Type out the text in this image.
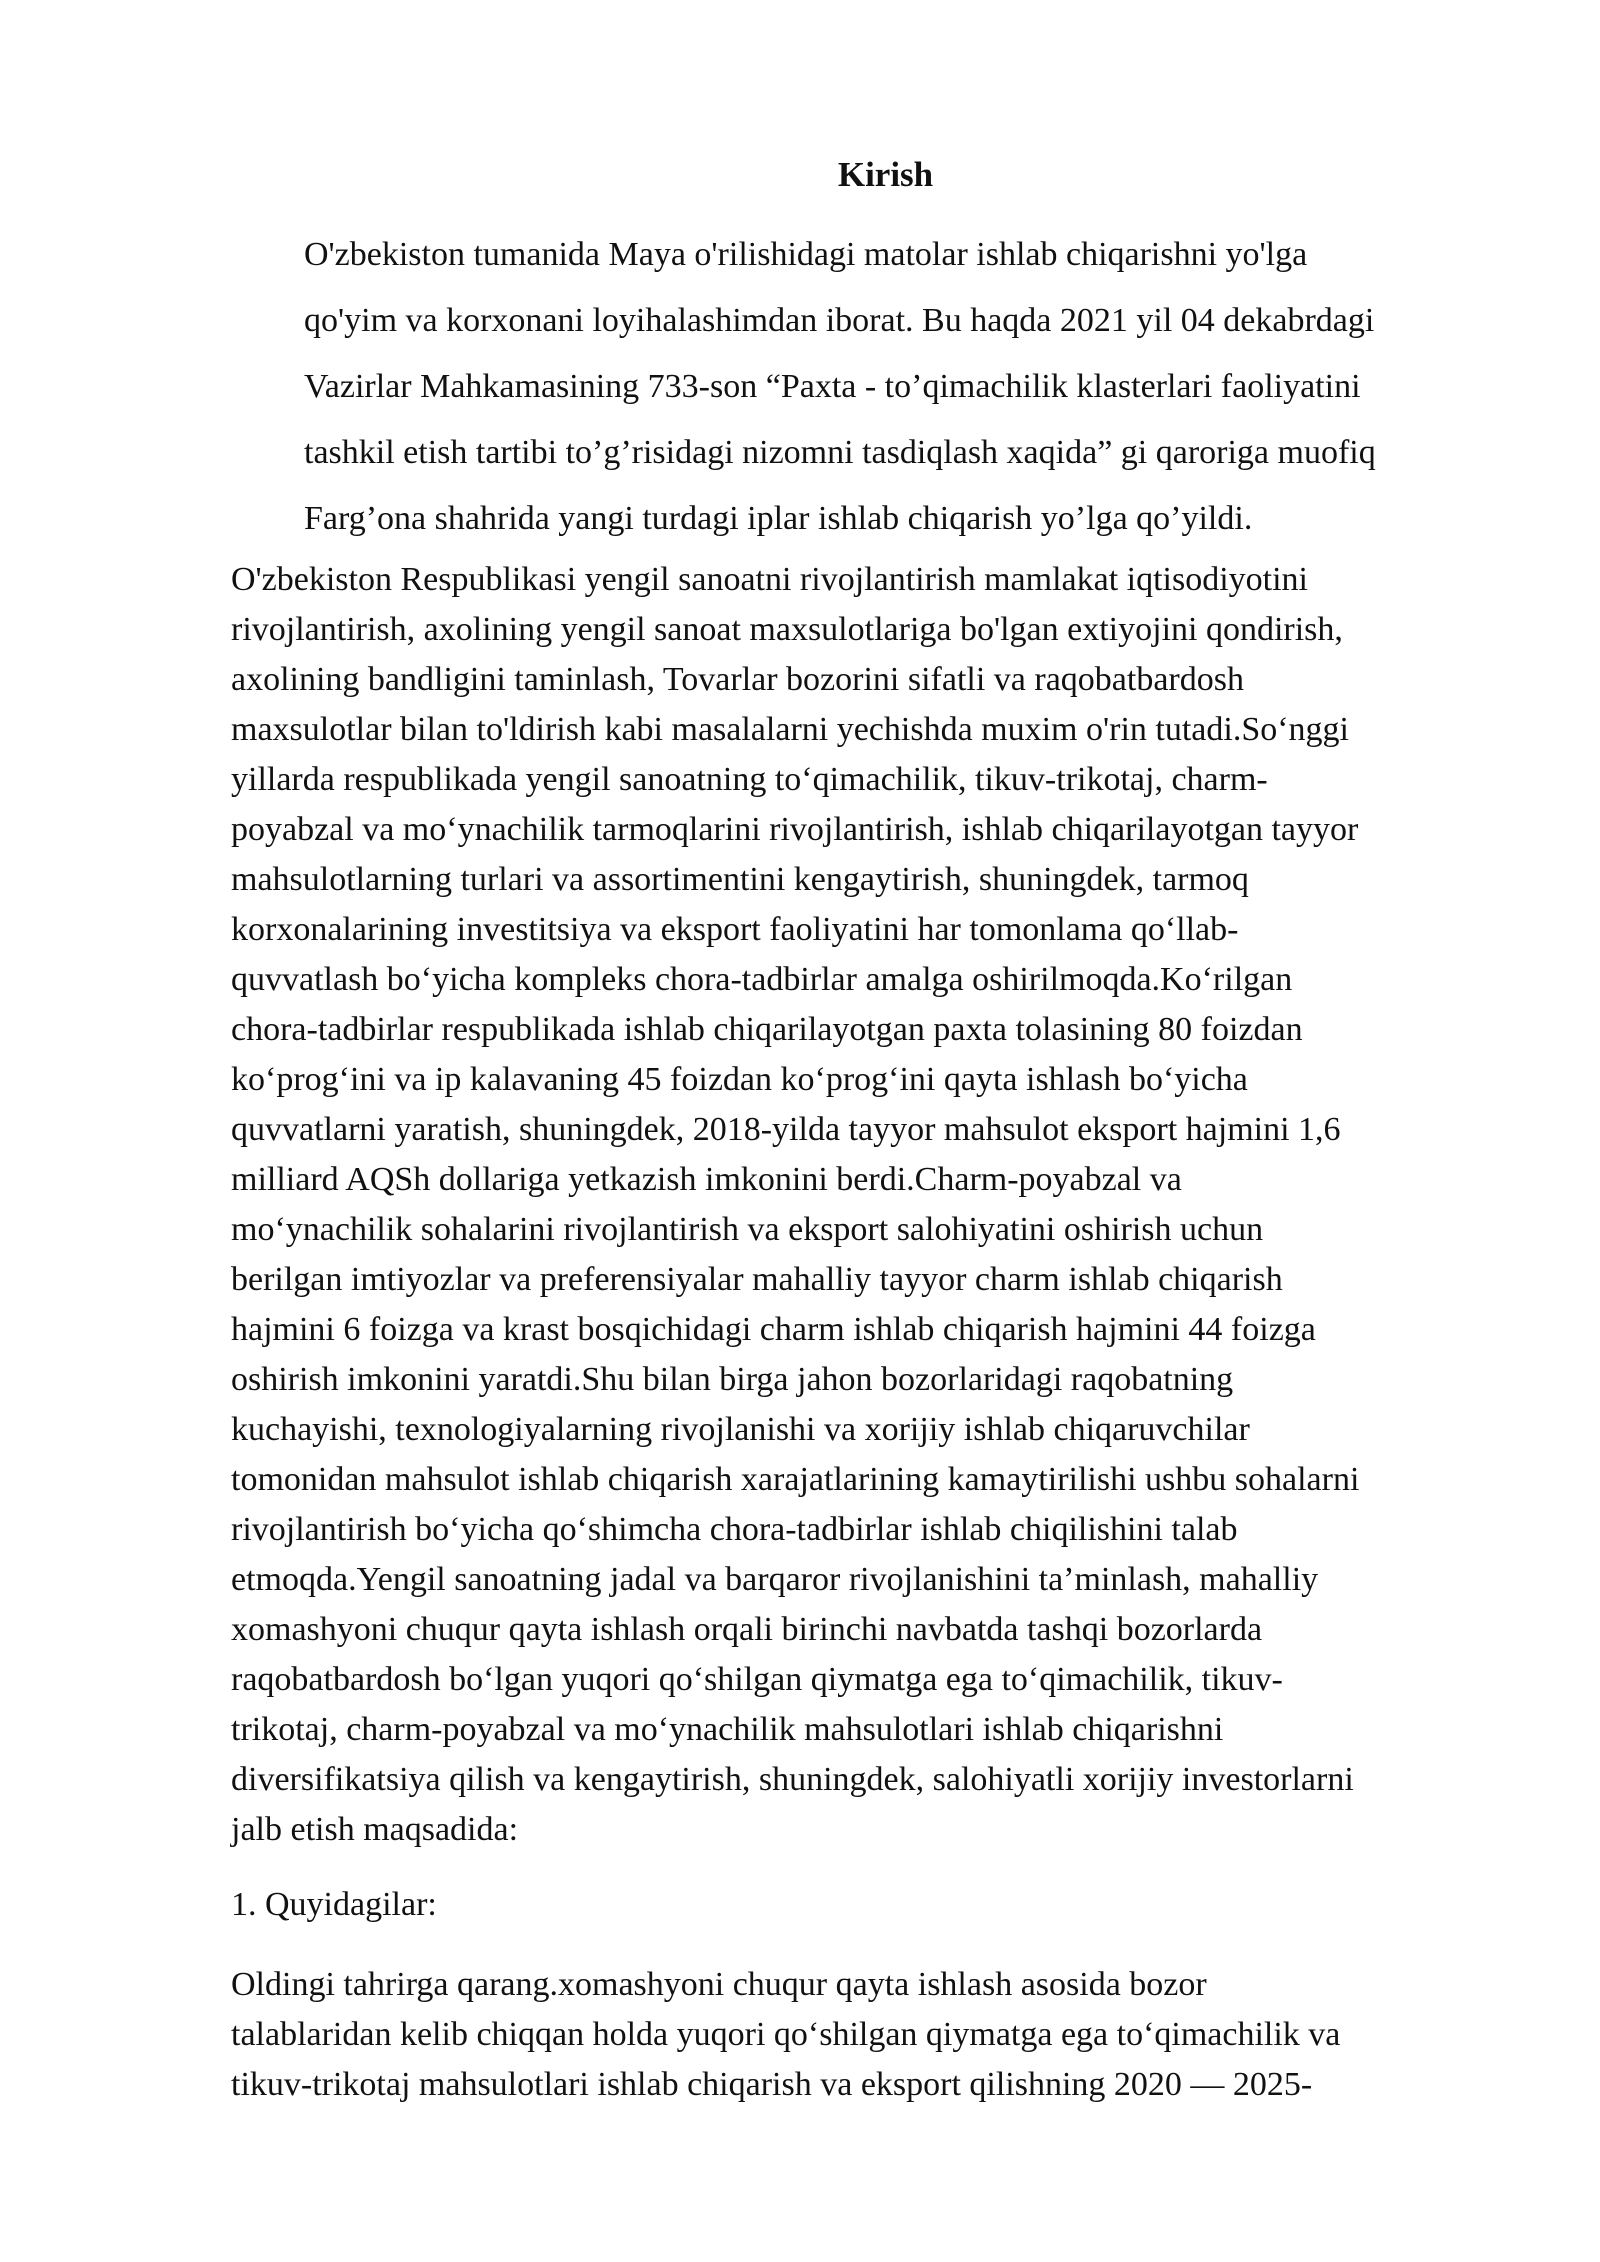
Kirish

O'zbekiston tumanida Maya o'rilishidagi matolar ishlab chiqarishni yo'lga
qo'yim va korxonani loyihalashimdan iborat. Bu haqda 2021 yil 04 dekabrdagi
Vazirlar Mahkamasining 733-son “Paxta - to’qimachilik klasterlari faoliyatini
tashkil etish tartibi to’g’risidagi nizomni tasdiqlash xaqida” gi qaroriga muofiq
Farg’ona shahrida yangi turdagi iplar ishlab chiqarish yo’lga qo’yildi.

O'zbekiston Respublikasi yengil sanoatni rivojlantirish mamlakat iqtisodiyotini
rivojlantirish, axolining yengil sanoat maxsulotlariga bo'lgan extiyojini qondirish,
axolining bandligini taminlash, Tovarlar bozorini sifatli va raqobatbardosh
maxsulotlar bilan to'ldirish kabi masalalarni yechishda muxim o'rin tutadi.So‘nggi
yillarda respublikada yengil sanoatning to‘qimachilik, tikuv-trikotaj, charm-
poyabzal va mo‘ynachilik tarmoqlarini rivojlantirish, ishlab chiqarilayotgan tayyor
mahsulotlarning turlari va assortimentini kengaytirish, shuningdek, tarmoq
korxonalarining investitsiya va eksport faoliyatini har tomonlama qo‘llab-
quvvatlash bo‘yicha kompleks chora-tadbirlar amalga oshirilmoqda.Ko‘rilgan
chora-tadbirlar respublikada ishlab chiqarilayotgan paxta tolasining 80 foizdan
ko‘prog‘ini va ip kalavaning 45 foizdan ko‘prog‘ini qayta ishlash bo‘yicha
quvvatlarni yaratish, shuningdek, 2018-yilda tayyor mahsulot eksport hajmini 1,6
milliard AQSh dollariga yetkazish imkonini berdi.Charm-poyabzal va
mo‘ynachilik sohalarini rivojlantirish va eksport salohiyatini oshirish uchun
berilgan imtiyozlar va preferensiyalar mahalliy tayyor charm ishlab chiqarish
hajmini 6 foizga va krast bosqichidagi charm ishlab chiqarish hajmini 44 foizga
oshirish imkonini yaratdi.Shu bilan birga jahon bozorlaridagi raqobatning
kuchayishi, texnologiyalarning rivojlanishi va xorijiy ishlab chiqaruvchilar
tomonidan mahsulot ishlab chiqarish xarajatlarining kamaytirilishi ushbu sohalarni
rivojlantirish bo‘yicha qo‘shimcha chora-tadbirlar ishlab chiqilishini talab
etmoqda.Yengil sanoatning jadal va barqaror rivojlanishini ta’minlash, mahalliy
xomashyoni chuqur qayta ishlash orqali birinchi navbatda tashqi bozorlarda
raqobatbardosh bo‘lgan yuqori qo‘shilgan qiymatga ega to‘qimachilik, tikuv-
trikotaj, charm-poyabzal va mo‘ynachilik mahsulotlari ishlab chiqarishni
diversifikatsiya qilish va kengaytirish, shuningdek, salohiyatli xorijiy investorlarni
jalb etish maqsadida:

1. Quyidagilar:

Oldingi tahrirga qarang.xomashyoni chuqur qayta ishlash asosida bozor
talablaridan kelib chiqqan holda yuqori qo‘shilgan qiymatga ega to‘qimachilik va
tikuv-trikotaj mahsulotlari ishlab chiqarish va eksport qilishning 2020 — 2025-
